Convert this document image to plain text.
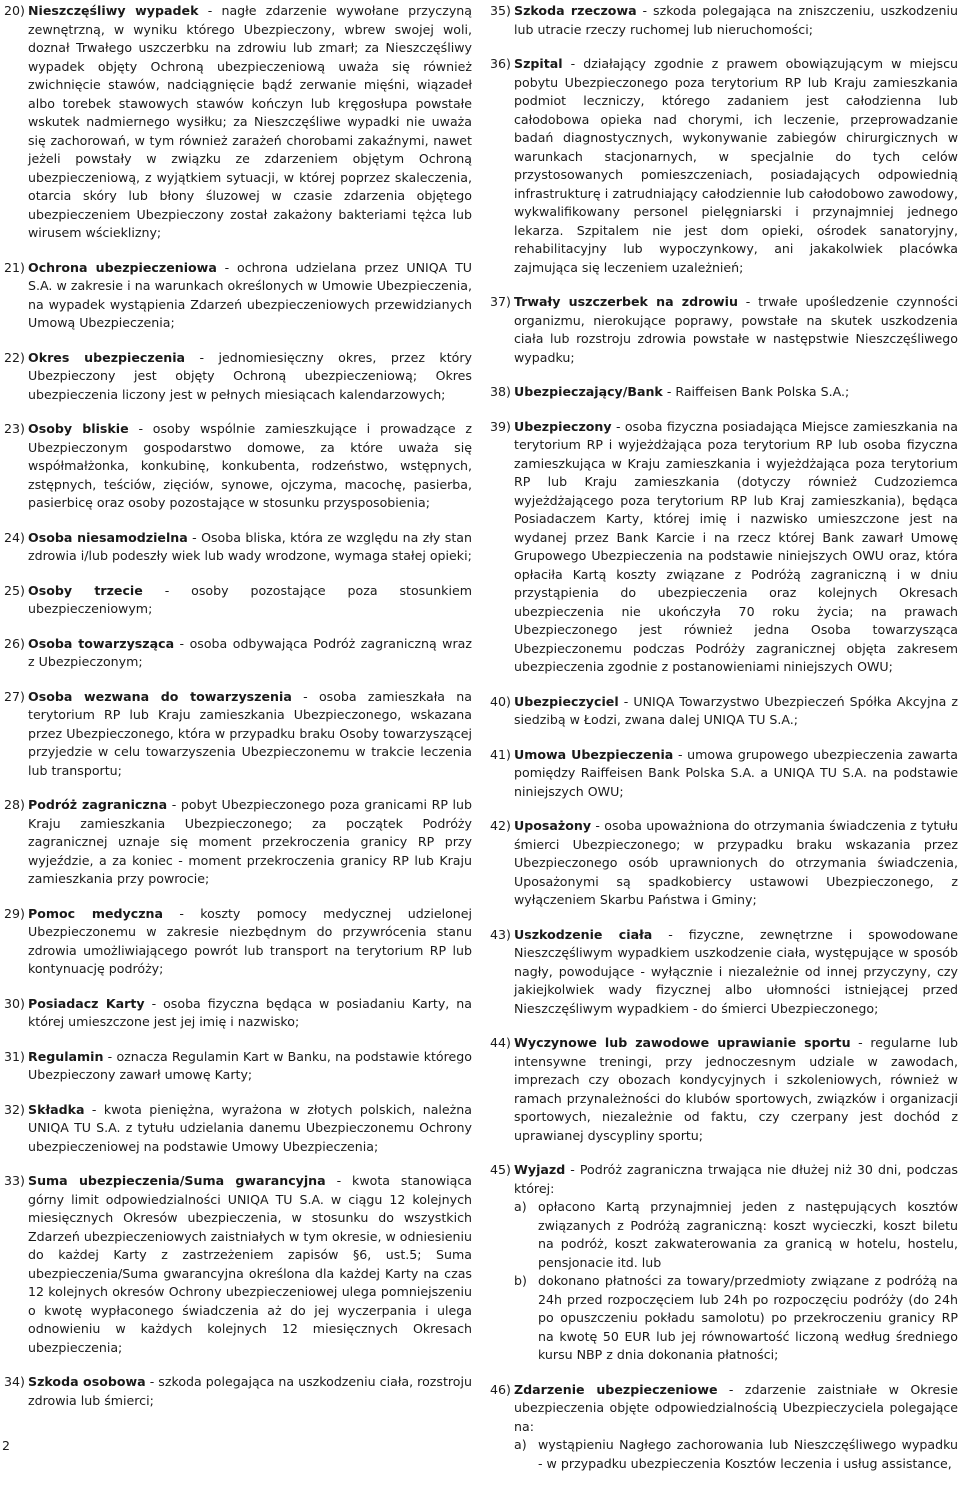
20) Nieszczęśliwy wypadek - nagłe zdarzenie wywołane przyczyną zewnętrzną, w wyniku którego Ubezpieczony, wbrew swojej woli, doznał Trwałego uszczerbku na zdrowiu lub zmarł; za Nieszczęśliwy wypadek objęty Ochroną ubezpieczeniową uważa się również zwichnięcie stawów, nadciągnięcie bądź zerwanie mięśni, wiązadeł albo torebek stawowych stawów kończyn lub kręgosłupa powstałe wskutek nadmiernego wysiłku; za Nieszczęśliwe wypadki nie uważa się zachorowań, w tym również zarażeń chorobami zakaźnymi, nawet jeżeli powstały w związku ze zdarzeniem objętym Ochroną ubezpieczeniową, z wyjątkiem sytuacji, w której poprzez skaleczenia, otarcia skóry lub błony śluzowej w czasie zdarzenia objętego ubezpieczeniem Ubezpieczony został zakażony bakteriami tężca lub wirusem wścieklizny;
21) Ochrona ubezpieczeniowa - ochrona udzielana przez UNIQA TU S.A. w zakresie i na warunkach określonych w Umowie Ubezpieczenia, na wypadek wystąpienia Zdarzeń ubezpieczeniowych przewidzianych Umową Ubezpieczenia;
22) Okres ubezpieczenia - jednomiesięczny okres, przez który Ubezpieczony jest objęty Ochroną ubezpieczeniową; Okres ubezpieczenia liczony jest w pełnych miesiącach kalendarzowych;
23) Osoby bliskie - osoby wspólnie zamieszkujące i prowadzące z Ubezpieczonym gospodarstwo domowe, za które uważa się współmałżonka, konkubinę, konkubenta, rodzeństwo, wstępnych, zstępnych, teściów, zięciów, synowe, ojczyma, macochę, pasierba, pasierbicę oraz osoby pozostające w stosunku przysposobienia;
24) Osoba niesamodzielna - Osoba bliska, która ze względu na zły stan zdrowia i/lub podeszły wiek lub wady wrodzone, wymaga stałej opieki;
25) Osoby trzecie - osoby pozostające poza stosunkiem ubezpieczeniowym;
26) Osoba towarzysząca - osoba odbywająca Podróż zagraniczną wraz z Ubezpieczonym;
27) Osoba wezwana do towarzyszenia - osoba zamieszkała na terytorium RP lub Kraju zamieszkania Ubezpieczonego, wskazana przez Ubezpieczonego, która w przypadku braku Osoby towarzyszącej przyjedzie w celu towarzyszenia Ubezpieczonemu w trakcie leczenia lub transportu;
28) Podróż zagraniczna - pobyt Ubezpieczonego poza granicami RP lub Kraju zamieszkania Ubezpieczonego; za początek Podróży zagranicznej uznaje się moment przekroczenia granicy RP przy wyjeździe, a za koniec - moment przekroczenia granicy RP lub Kraju zamieszkania przy powrocie;
29) Pomoc medyczna - koszty pomocy medycznej udzielonej Ubezpieczonemu w zakresie niezbędnym do przywrócenia stanu zdrowia umożliwiającego powrót lub transport na terytorium RP lub kontynuację podróży;
30) Posiadacz Karty - osoba fizyczna będąca w posiadaniu Karty, na której umieszczone jest jej imię i nazwisko;
31) Regulamin - oznacza Regulamin Kart w Banku, na podstawie którego Ubezpieczony zawarł umowę Karty;
32) Składka - kwota pieniężna, wyrażona w złotych polskich, należna UNIQA TU S.A. z tytułu udzielania danemu Ubezpieczonemu Ochrony ubezpieczeniowej na podstawie Umowy Ubezpieczenia;
33) Suma ubezpieczenia/Suma gwarancyjna - kwota stanowiąca górny limit odpowiedzialności UNIQA TU S.A. w ciągu 12 kolejnych miesięcznych Okresów ubezpieczenia, w stosunku do wszystkich Zdarzeń ubezpieczeniowych zaistniałych w tym okresie, w odniesieniu do każdej Karty z zastrzeżeniem zapisów §6, ust.5; Suma ubezpieczenia/Suma gwarancyjna określona dla każdej Karty na czas 12 kolejnych okresów Ochrony ubezpieczeniowej ulega pomniejszeniu o kwotę wypłaconego świadczenia aż do jej wyczerpania i ulega odnowieniu w każdych kolejnych 12 miesięcznych Okresach ubezpieczenia;
34) Szkoda osobowa - szkoda polegająca na uszkodzeniu ciała, rozstroju zdrowia lub śmierci;
35) Szkoda rzeczowa - szkoda polegająca na zniszczeniu, uszkodzeniu lub utracie rzeczy ruchomej lub nieruchomości;
36) Szpital - działający zgodnie z prawem obowiązującym w miejscu pobytu Ubezpieczonego poza terytorium RP lub Kraju zamieszkania podmiot leczniczy, którego zadaniem jest całodzienna lub całodobowa opieka nad chorymi, ich leczenie, przeprowadzanie badań diagnostycznych, wykonywanie zabiegów chirurgicznych w warunkach stacjonarnych, w specjalnie do tych celów przystosowanych pomieszczeniach, posiadających odpowiednią infrastrukturę i zatrudniający całodziennie lub całodobowo zawodowy, wykwalifikowany personel pielęgniarski i przynajmniej jednego lekarza. Szpitalem nie jest dom opieki, ośrodek sanatoryjny, rehabilitacyjny lub wypoczynkowy, ani jakakolwiek placówka zajmująca się leczeniem uzależnień;
37) Trwały uszczerbek na zdrowiu - trwałe upośledzenie czynności organizmu, nierokujące poprawy, powstałe na skutek uszkodzenia ciała lub rozstroju zdrowia powstałe w następstwie Nieszczęśliwego wypadku;
38) Ubezpieczający/Bank - Raiffeisen Bank Polska S.A.;
39) Ubezpieczony - osoba fizyczna posiadająca Miejsce zamieszkania na terytorium RP i wyjeżdżająca poza terytorium RP lub osoba fizyczna zamieszkująca w Kraju zamieszkania i wyjeżdżająca poza terytorium RP lub Kraju zamieszkania (dotyczy również Cudzoziemca wyjeżdżającego poza terytorium RP lub Kraj zamieszkania), będąca Posiadaczem Karty, której imię i nazwisko umieszczone jest na wydanej przez Bank Karcie i na rzecz której Bank zawarł Umowę Grupowego Ubezpieczenia na podstawie niniejszych OWU oraz, która opłaciła Kartą koszty związane z Podróżą zagraniczną i w dniu przystąpienia do ubezpieczenia oraz kolejnych Okresach ubezpieczenia nie ukończyła 70 roku życia; na prawach Ubezpieczonego jest również jedna Osoba towarzysząca Ubezpieczonemu podczas Podróży zagranicznej objęta zakresem ubezpieczenia zgodnie z postanowieniami niniejszych OWU;
40) Ubezpieczyciel - UNIQA Towarzystwo Ubezpieczeń Spółka Akcyjna z siedzibą w Łodzi, zwana dalej UNIQA TU S.A.;
41) Umowa Ubezpieczenia - umowa grupowego ubezpieczenia zawarta pomiędzy Raiffeisen Bank Polska S.A. a UNIQA TU S.A. na podstawie niniejszych OWU;
42) Uposażony - osoba upoważniona do otrzymania świadczenia z tytułu śmierci Ubezpieczonego; w przypadku braku wskazania przez Ubezpieczonego osób uprawnionych do otrzymania świadczenia, Uposażonymi są spadkobiercy ustawowi Ubezpieczonego, z wyłączeniem Skarbu Państwa i Gminy;
43) Uszkodzenie ciała - fizyczne, zewnętrzne i spowodowane Nieszczęśliwym wypadkiem uszkodzenie ciała, występujące w sposób nagły, powodujące - wyłącznie i niezależnie od innej przyczyny, czy jakiejkolwiek wady fizycznej albo ułomności istniejącej przed Nieszczęśliwym wypadkiem - do śmierci Ubezpieczonego;
44) Wyczynowe lub zawodowe uprawianie sportu - regularne lub intensywne treningi, przy jednoczesnym udziale w zawodach, imprezach czy obozach kondycyjnych i szkoleniowych, również w ramach przynależności do klubów sportowych, związków i organizacji sportowych, niezależnie od faktu, czy czerpany jest dochód z uprawianej dyscypliny sportu;
45) Wyjazd - Podróż zagraniczna trwająca nie dłużej niż 30 dni, podczas której:
a) opłacono Kartą przynajmniej jeden z następujących kosztów związanych z Podróżą zagraniczną: koszt wycieczki, koszt biletu na podróż, koszt zakwaterowania za granicą w hotelu, hostelu, pensjonacie itd. lub
b) dokonano płatności za towary/przedmioty związane z podróżą na 24h przed rozpoczęciem lub 24h po rozpoczęciu podróży (do 24h po opuszczeniu pokładu samolotu) po przekroczeniu granicy RP na kwotę 50 EUR lub jej równowartość liczoną według średniego kursu NBP z dnia dokonania płatności;
46) Zdarzenie ubezpieczeniowe - zdarzenie zaistniałe w Okresie ubezpieczenia objęte odpowiedzialnością Ubezpieczyciela polegające na:
a) wystąpieniu Nagłego zachorowania lub Nieszczęśliwego wypadku - w przypadku ubezpieczenia Kosztów leczenia i usług assistance,
2
